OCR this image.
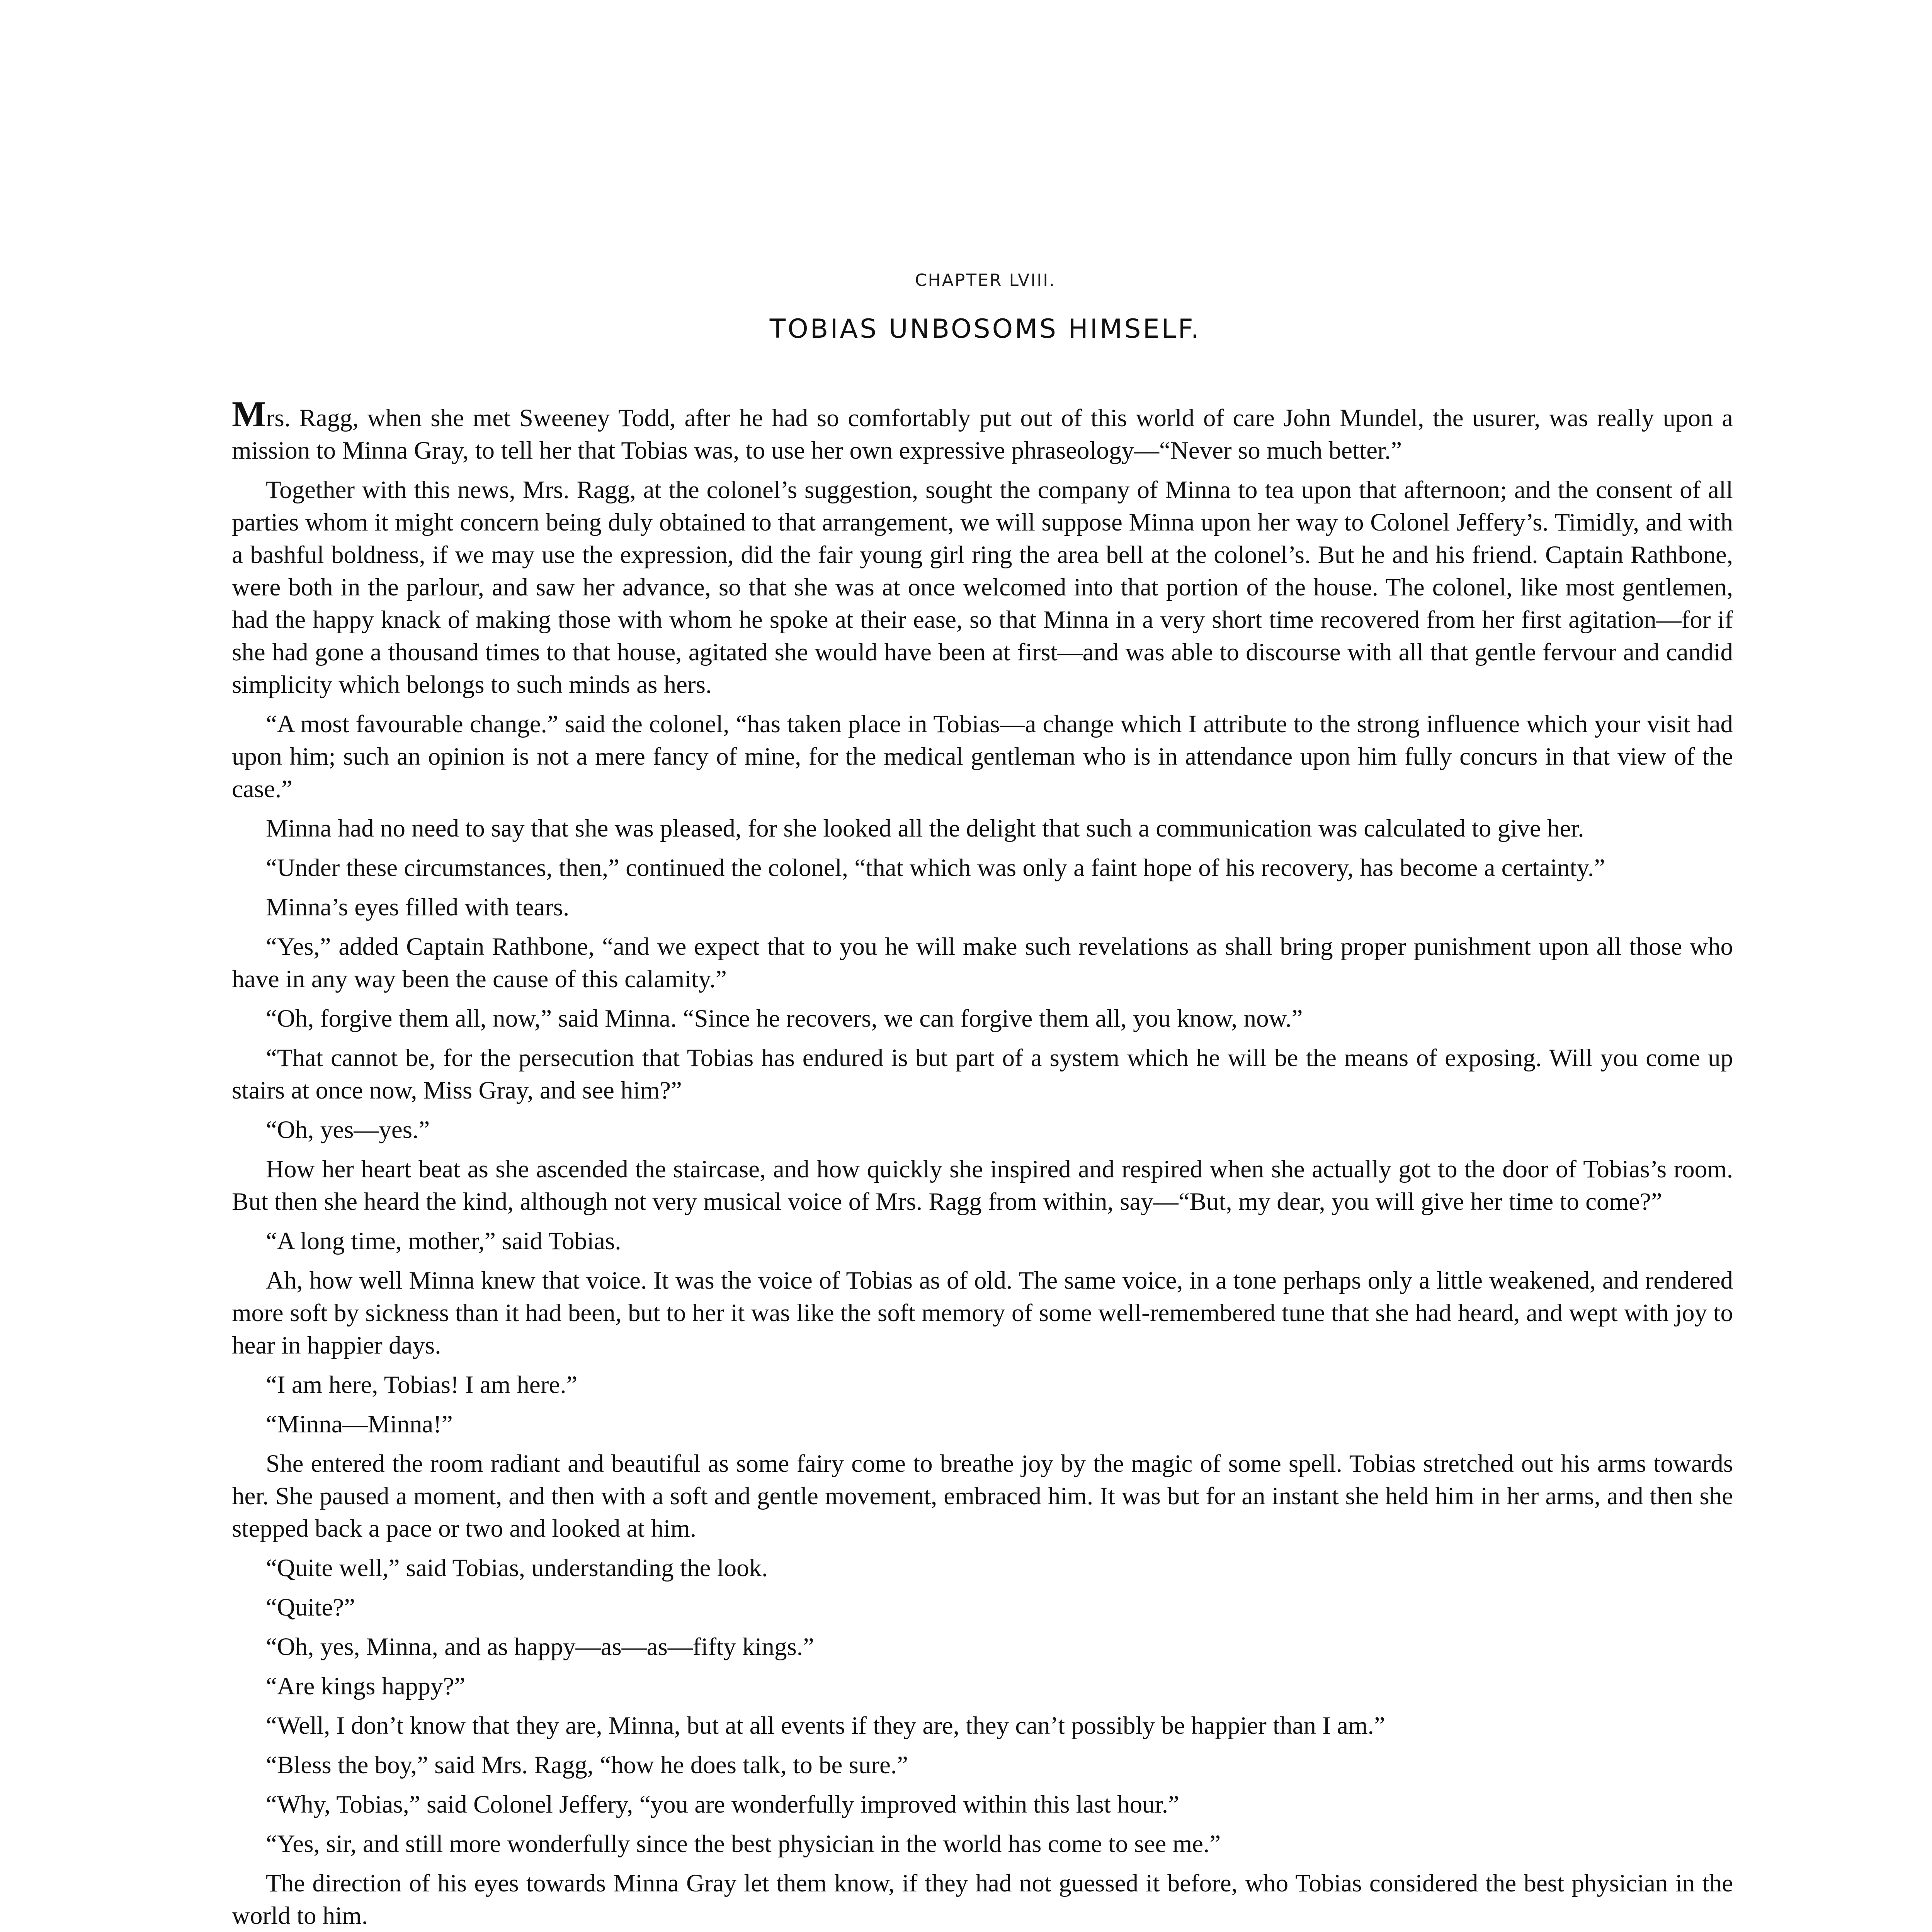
CHAPTER LVIII.
TOBIAS UNBOSOMS HIMSELF.

Mrs. Ragg, when she met Sweeney Todd, after he had so comfortably put out of this world of care John Mundel, the usurer, was really upon a mission to Minna Gray, to tell her that Tobias was, to use her own expressive phraseology—“Never so much better.”

Together with this news, Mrs. Ragg, at the colonel’s suggestion, sought the company of Minna to tea upon that afternoon; and the consent of all parties whom it might concern being duly obtained to that arrangement, we will suppose Minna upon her way to Colonel Jeffery’s. Timidly, and with a bashful boldness, if we may use the expression, did the fair young girl ring the area bell at the colonel’s. But he and his friend. Captain Rathbone, were both in the parlour, and saw her advance, so that she was at once welcomed into that portion of the house. The colonel, like most gentlemen, had the happy knack of making those with whom he spoke at their ease, so that Minna in a very short time recovered from her first agitation—for if she had gone a thousand times to that house, agitated she would have been at first—and was able to discourse with all that gentle fervour and candid simplicity which belongs to such minds as hers.

“A most favourable change.” said the colonel, “has taken place in Tobias—a change which I attribute to the strong influence which your visit had upon him; such an opinion is not a mere fancy of mine, for the medical gentleman who is in attendance upon him fully concurs in that view of the case.”

Minna had no need to say that she was pleased, for she looked all the delight that such a communication was calculated to give her.

“Under these circumstances, then,” continued the colonel, “that which was only a faint hope of his recovery, has become a certainty.”

Minna’s eyes filled with tears.

“Yes,” added Captain Rathbone, “and we expect that to you he will make such revelations as shall bring proper punishment upon all those who have in any way been the cause of this calamity.”

“Oh, forgive them all, now,” said Minna. “Since he recovers, we can forgive them all, you know, now.”

“That cannot be, for the persecution that Tobias has endured is but part of a system which he will be the means of exposing. Will you come up stairs at once now, Miss Gray, and see him?”

“Oh, yes—yes.”

How her heart beat as she ascended the staircase, and how quickly she inspired and respired when she actually got to the door of Tobias’s room. But then she heard the kind, although not very musical voice of Mrs. Ragg from within, say—“But, my dear, you will give her time to come?”

“A long time, mother,” said Tobias.

Ah, how well Minna knew that voice. It was the voice of Tobias as of old. The same voice, in a tone perhaps only a little weakened, and rendered more soft by sickness than it had been, but to her it was like the soft memory of some well-remembered tune that she had heard, and wept with joy to hear in happier days.

“I am here, Tobias! I am here.”

“Minna—Minna!”

She entered the room radiant and beautiful as some fairy come to breathe joy by the magic of some spell. Tobias stretched out his arms towards her. She paused a moment, and then with a soft and gentle movement, embraced him. It was but for an instant she held him in her arms, and then she stepped back a pace or two and looked at him.

“Quite well,” said Tobias, understanding the look.

“Quite?”

“Oh, yes, Minna, and as happy—as—as—fifty kings.”

“Are kings happy?”

“Well, I don’t know that they are, Minna, but at all events if they are, they can’t possibly be happier than I am.”

“Bless the boy,” said Mrs. Ragg, “how he does talk, to be sure.”

“Why, Tobias,” said Colonel Jeffery, “you are wonderfully improved within this last hour.”

“Yes, sir, and still more wonderfully since the best physician in the world has come to see me.”

The direction of his eyes towards Minna Gray let them know, if they had not guessed it before, who Tobias considered the best physician in the world to him.
